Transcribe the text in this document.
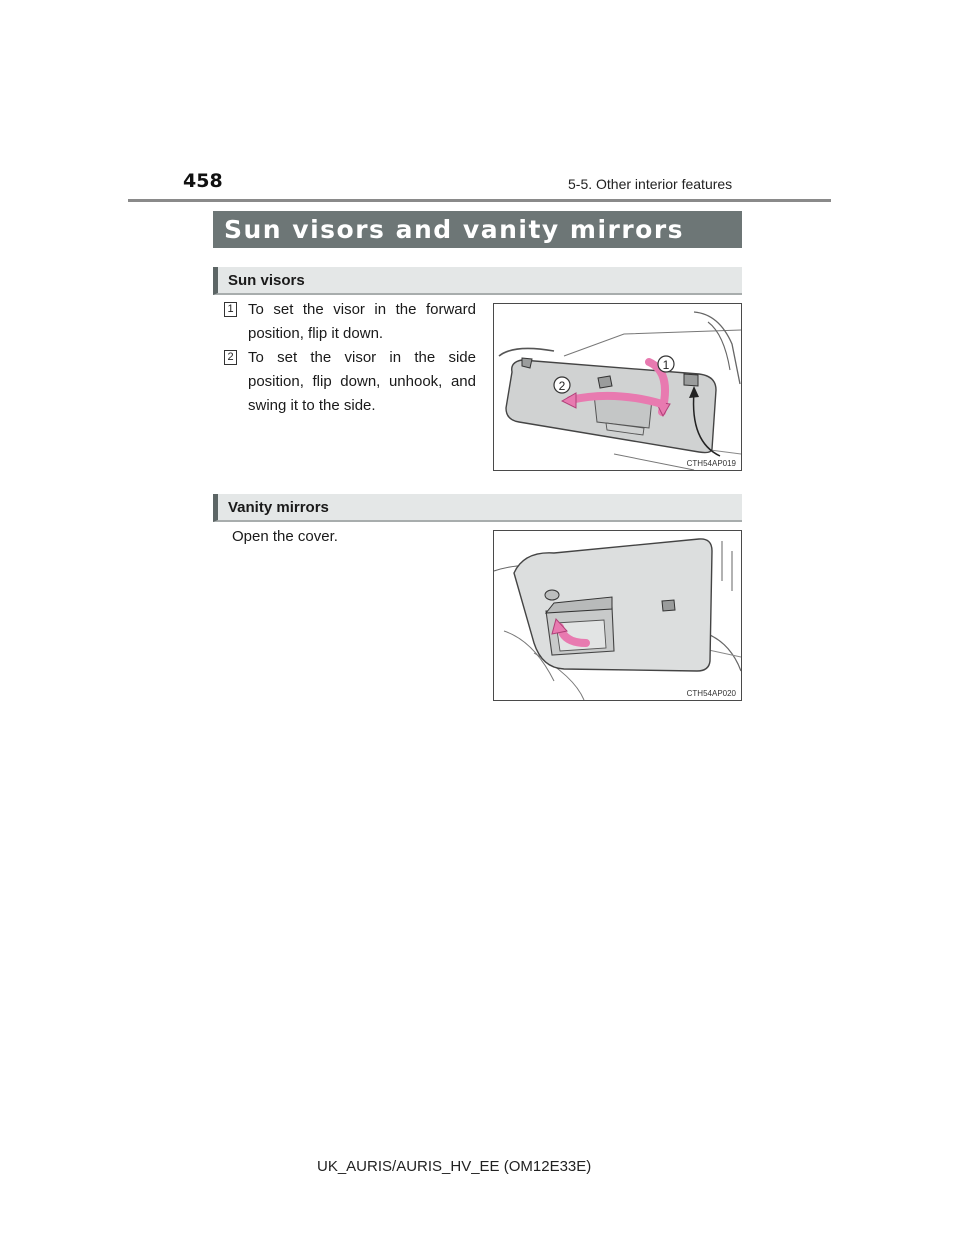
458	5-5. Other interior features
Sun visors and vanity mirrors
Sun visors
1 To set the visor in the forward position, flip it down.
2 To set the visor in the side position, flip down, unhook, and swing it to the side.
1
2
CTH54AP019
Vanity mirrors
Open the cover.
CTH54AP020
UK_AURIS/AURIS_HV_EE (OM12E33E)
